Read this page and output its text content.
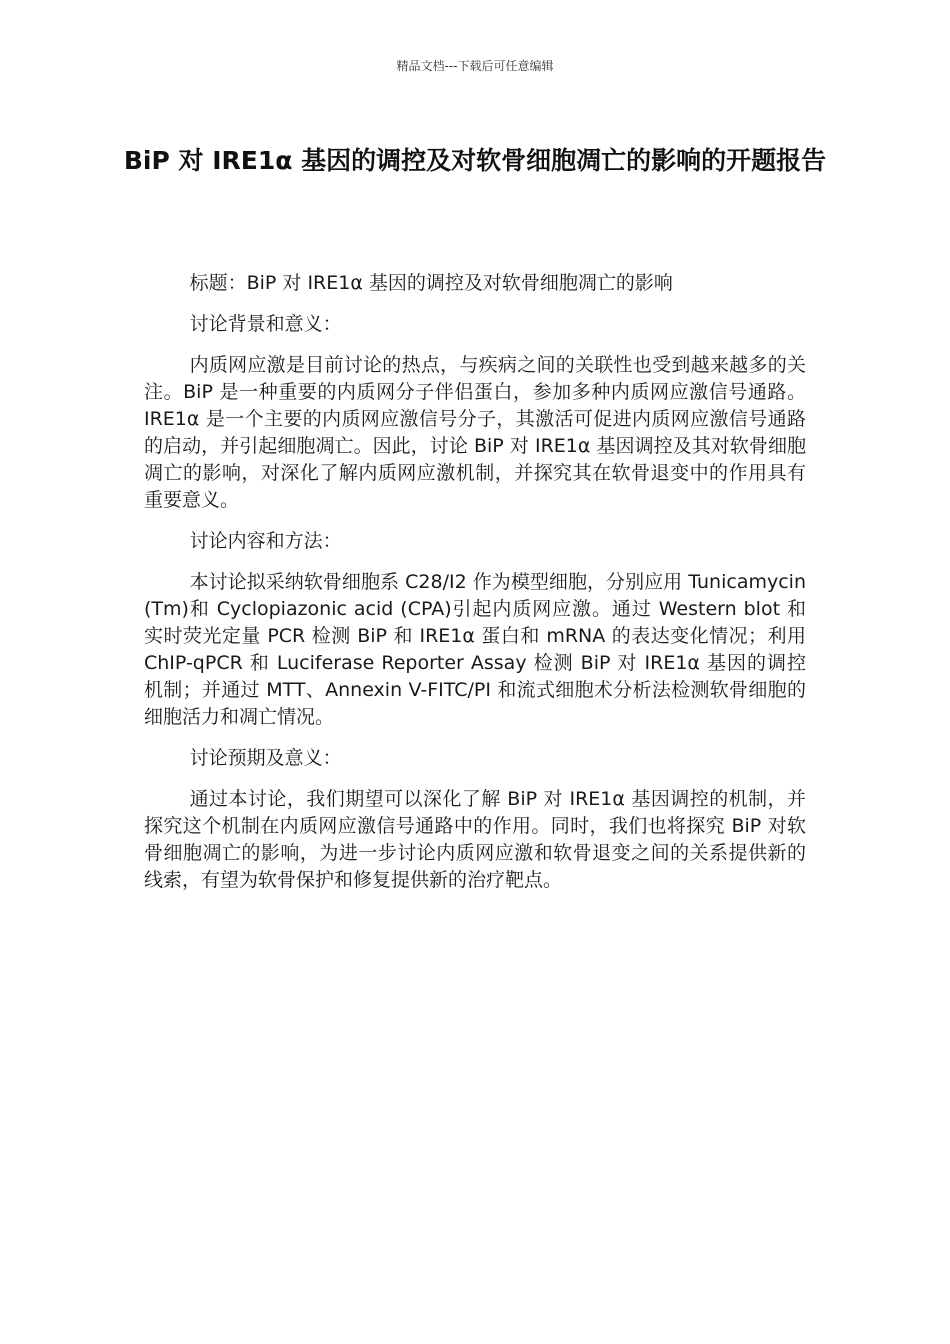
精品文档---下载后可任意编辑
BiP 对 IRE1α 基因的调控及对软骨细胞凋亡的影响的开题报告

标题：BiP 对 IRE1α 基因的调控及对软骨细胞凋亡的影响

讨论背景和意义：

内质网应激是目前讨论的热点，与疾病之间的关联性也受到越来越多的关注。BiP 是一种重要的内质网分子伴侣蛋白，参加多种内质网应激信号通路。IRE1α 是一个主要的内质网应激信号分子，其激活可促进内质网应激信号通路的启动，并引起细胞凋亡。因此，讨论 BiP 对 IRE1α 基因调控及其对软骨细胞凋亡的影响，对深化了解内质网应激机制，并探究其在软骨退变中的作用具有重要意义。

讨论内容和方法：

本讨论拟采纳软骨细胞系 C28/I2 作为模型细胞，分别应用 Tunicamycin (Tm)和 Cyclopiazonic acid (CPA)引起内质网应激。通过 Western blot 和实时荧光定量 PCR 检测 BiP 和 IRE1α 蛋白和 mRNA 的表达变化情况；利用 ChIP-qPCR 和 Luciferase Reporter Assay 检测 BiP 对 IRE1α 基因的调控机制；并通过 MTT、Annexin V-FITC/PI 和流式细胞术分析法检测软骨细胞的细胞活力和凋亡情况。

讨论预期及意义：

通过本讨论，我们期望可以深化了解 BiP 对 IRE1α 基因调控的机制，并探究这个机制在内质网应激信号通路中的作用。同时，我们也将探究 BiP 对软骨细胞凋亡的影响，为进一步讨论内质网应激和软骨退变之间的关系提供新的线索，有望为软骨保护和修复提供新的治疗靶点。
